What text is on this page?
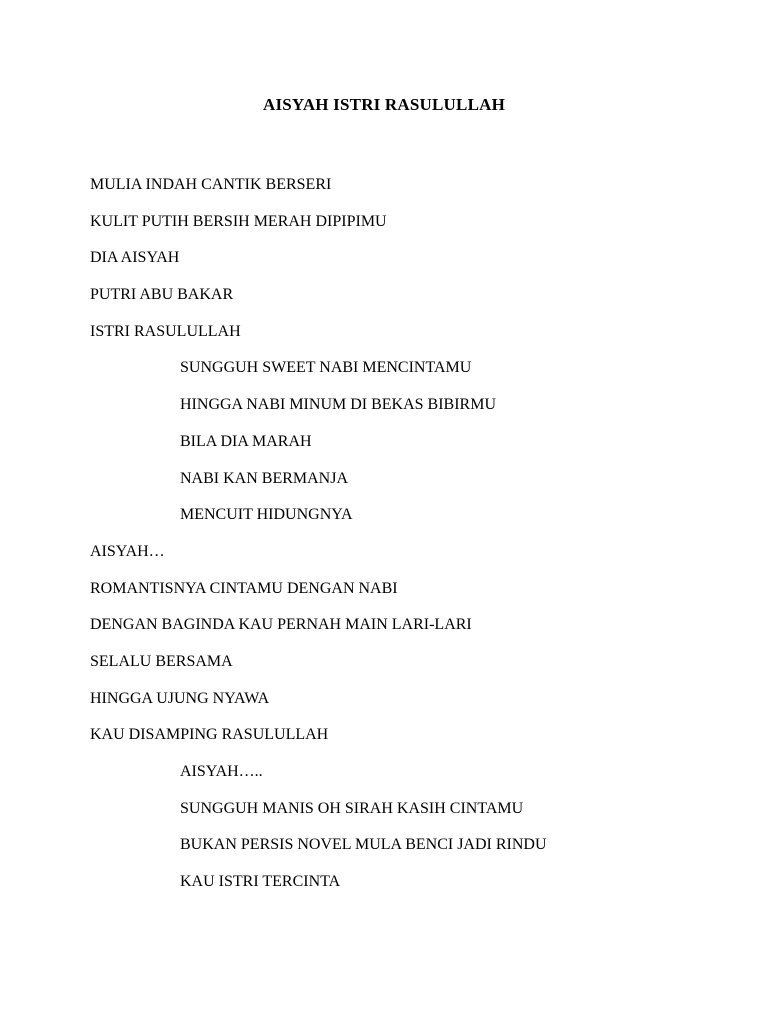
AISYAH ISTRI RASULULLAH
MULIA INDAH CANTIK BERSERI
KULIT PUTIH BERSIH MERAH DIPIPIMU
DIA AISYAH
PUTRI ABU BAKAR
ISTRI RASULULLAH
SUNGGUH SWEET NABI MENCINTAMU
HINGGA NABI MINUM DI BEKAS BIBIRMU
BILA DIA MARAH
NABI KAN BERMANJA
MENCUIT HIDUNGNYA
AISYAH…
ROMANTISNYA CINTAMU DENGAN NABI
DENGAN BAGINDA KAU PERNAH MAIN LARI-LARI
SELALU BERSAMA
HINGGA UJUNG NYAWA
KAU DISAMPING RASULULLAH
AISYAH…..
SUNGGUH MANIS OH SIRAH KASIH CINTAMU
BUKAN PERSIS NOVEL MULA BENCI JADI RINDU
KAU ISTRI TERCINTA
